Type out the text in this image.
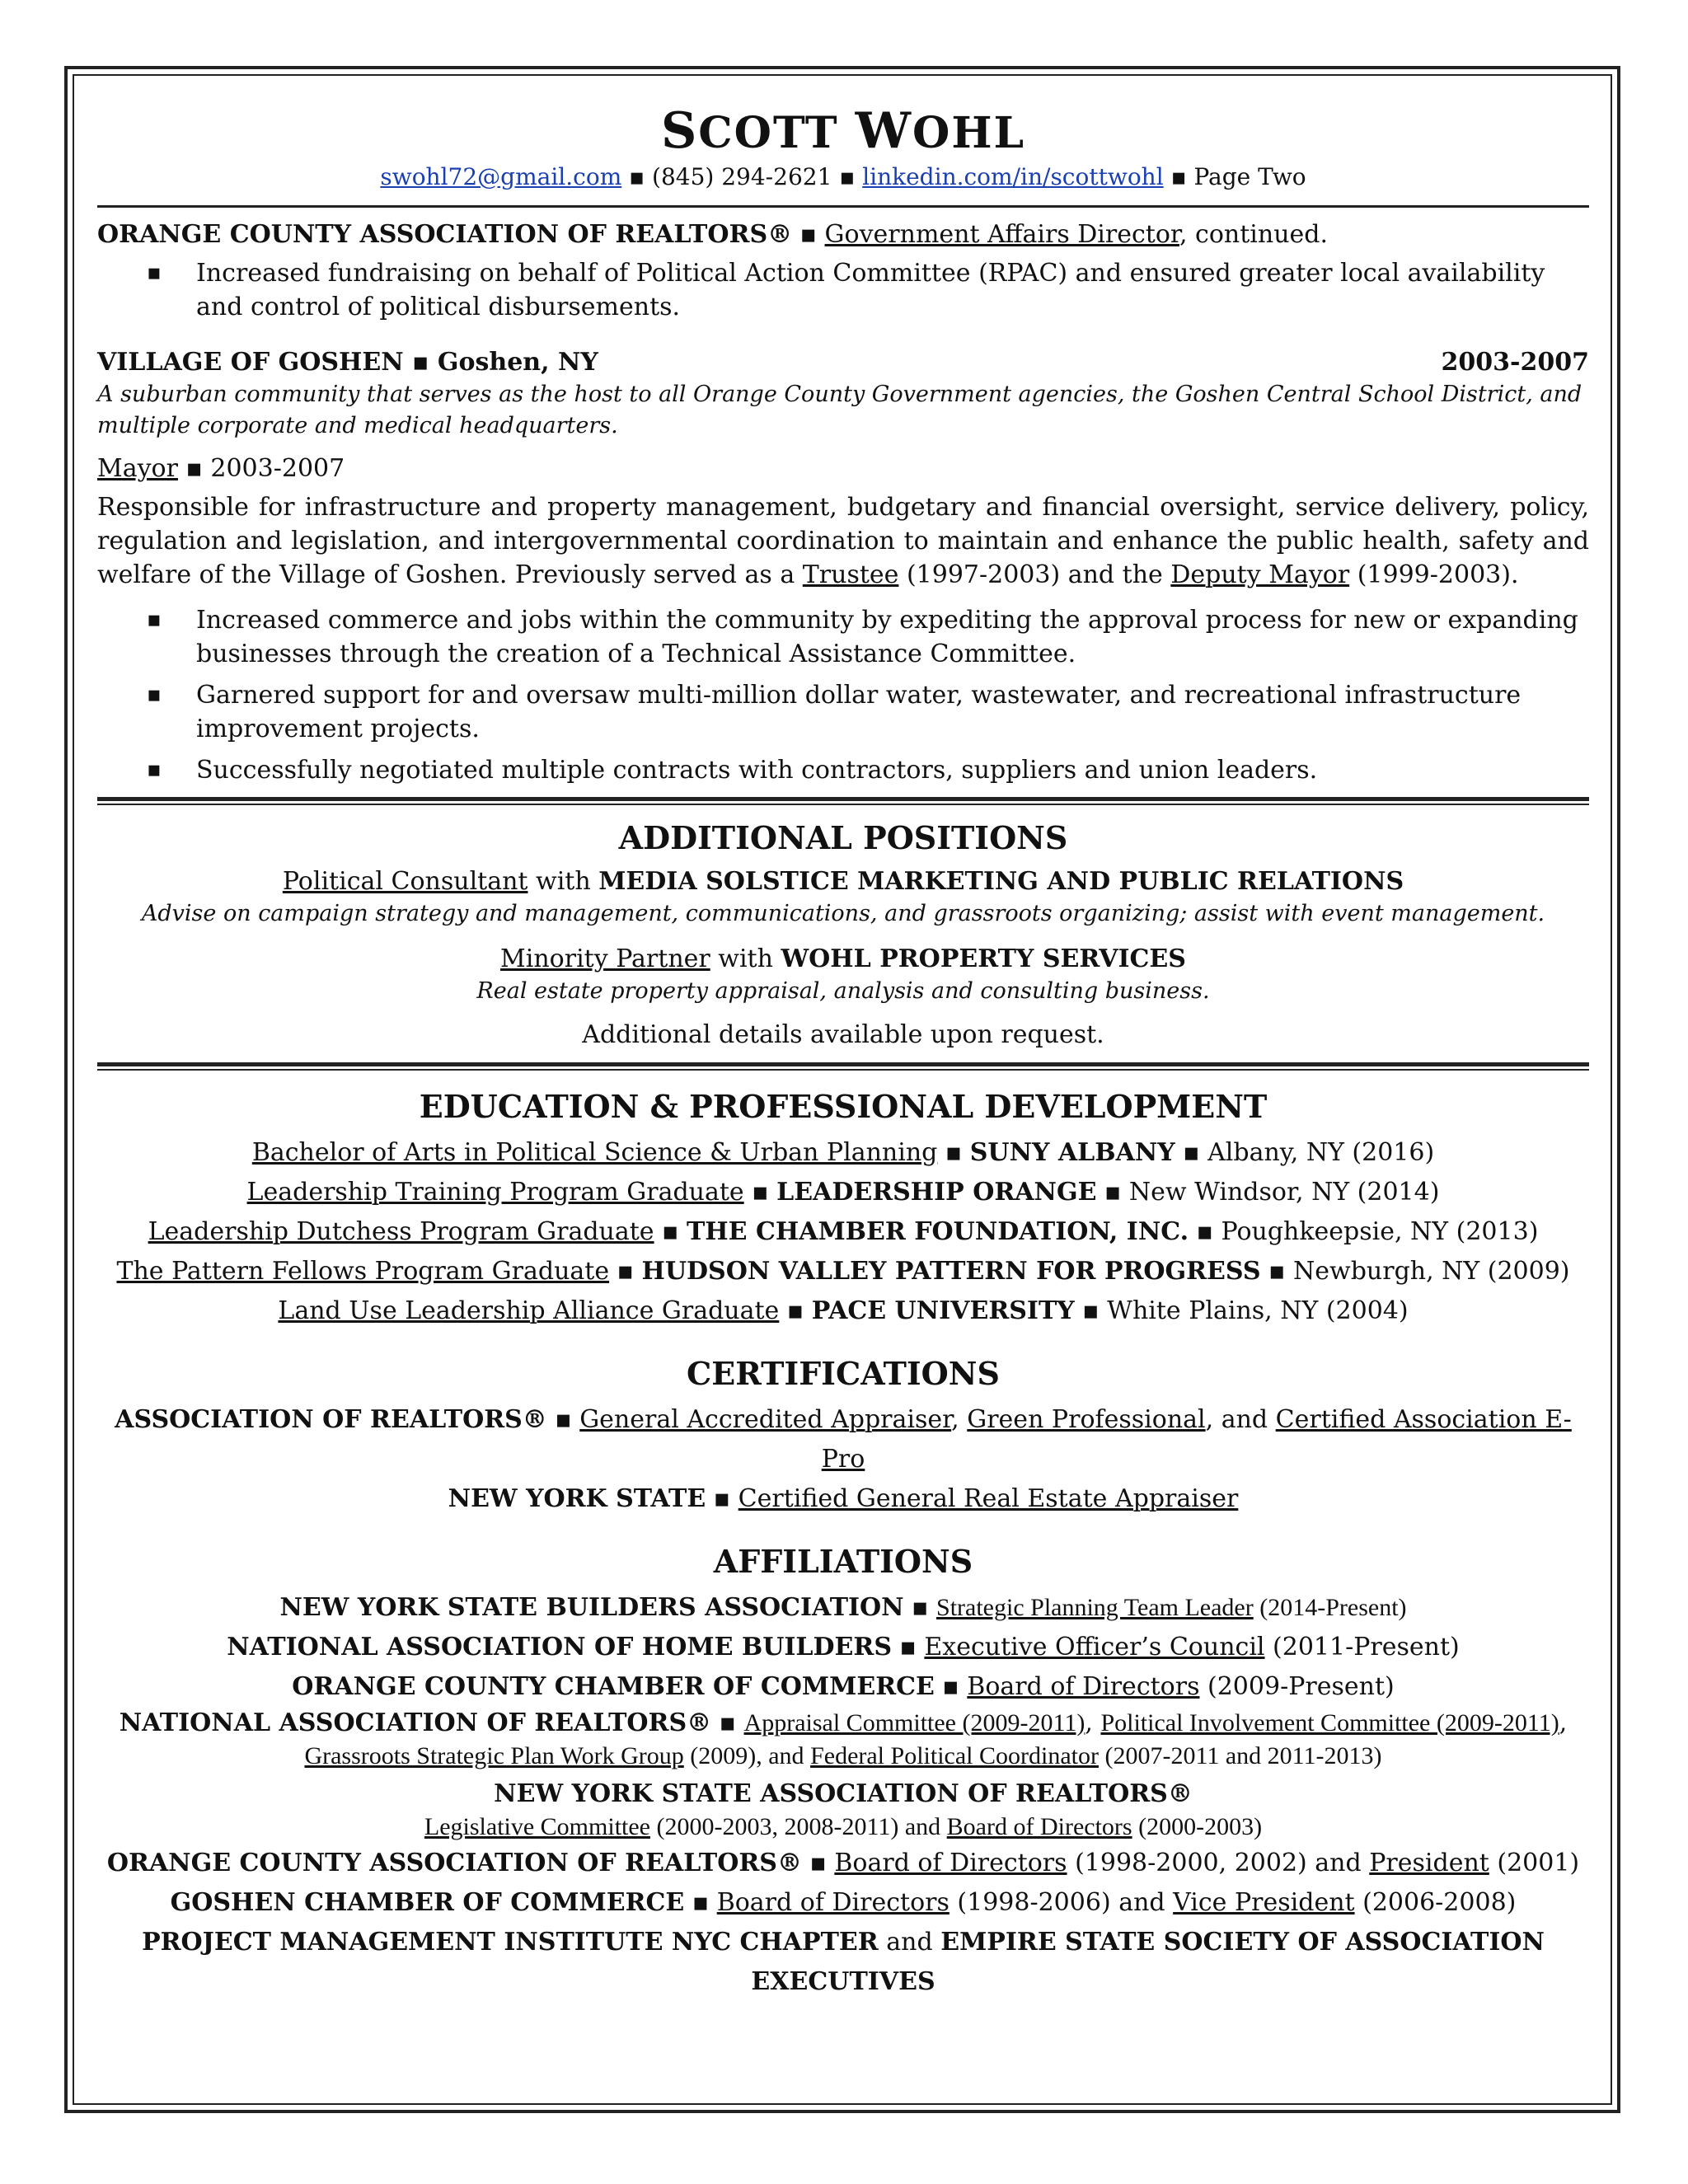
SCOTT WOHL
swohl72@gmail.com ▪ (845) 294-2621 ▪ linkedin.com/in/scottwohl ▪ Page Two

ORANGE COUNTY ASSOCIATION OF REALTORS® ▪ Government Affairs Director, continued.

▪ Increased fundraising on behalf of Political Action Committee (RPAC) and ensured greater local availability and control of political disbursements.
VILLAGE OF GOSHEN ▪ Goshen, NY	2003-2007

A suburban community that serves as the host to all Orange County Government agencies, the Goshen Central School District, and multiple corporate and medical headquarters.

Mayor ▪ 2003-2007

Responsible for infrastructure and property management, budgetary and financial oversight, service delivery, policy, regulation and legislation, and intergovernmental coordination to maintain and enhance the public health, safety and welfare of the Village of Goshen. Previously served as a Trustee (1997-2003) and the Deputy Mayor (1999-2003).

▪ Increased commerce and jobs within the community by expediting the approval process for new or expanding businesses through the creation of a Technical Assistance Committee.
▪ Garnered support for and oversaw multi-million dollar water, wastewater, and recreational infrastructure improvement projects.
▪ Successfully negotiated multiple contracts with contractors, suppliers and union leaders.
ADDITIONAL POSITIONS
Political Consultant with MEDIA SOLSTICE MARKETING AND PUBLIC RELATIONS
Advise on campaign strategy and management, communications, and grassroots organizing; assist with event management.
Minority Partner with WOHL PROPERTY SERVICES
Real estate property appraisal, analysis and consulting business.
Additional details available upon request.
EDUCATION & PROFESSIONAL DEVELOPMENT
Bachelor of Arts in Political Science & Urban Planning ▪ SUNY ALBANY ▪ Albany, NY (2016)
Leadership Training Program Graduate ▪ LEADERSHIP ORANGE ▪ New Windsor, NY (2014)
Leadership Dutchess Program Graduate ▪ THE CHAMBER FOUNDATION, INC. ▪ Poughkeepsie, NY (2013)
The Pattern Fellows Program Graduate ▪ HUDSON VALLEY PATTERN FOR PROGRESS ▪ Newburgh, NY (2009)
Land Use Leadership Alliance Graduate ▪ PACE UNIVERSITY ▪ White Plains, NY (2004)
CERTIFICATIONS
ASSOCIATION OF REALTORS® ▪ General Accredited Appraiser, Green Professional, and Certified Association E-Pro
NEW YORK STATE ▪ Certified General Real Estate Appraiser
AFFILIATIONS
NEW YORK STATE BUILDERS ASSOCIATION ▪ Strategic Planning Team Leader (2014-Present)
NATIONAL ASSOCIATION OF HOME BUILDERS ▪ Executive Officer’s Council (2011-Present)
ORANGE COUNTY CHAMBER OF COMMERCE ▪ Board of Directors (2009-Present)
NATIONAL ASSOCIATION OF REALTORS® ▪ Appraisal Committee (2009-2011), Political Involvement Committee (2009-2011), Grassroots Strategic Plan Work Group (2009), and Federal Political Coordinator (2007-2011 and 2011-2013)
NEW YORK STATE ASSOCIATION OF REALTORS®
Legislative Committee (2000-2003, 2008-2011) and Board of Directors (2000-2003)
ORANGE COUNTY ASSOCIATION OF REALTORS® ▪ Board of Directors (1998-2000, 2002) and President (2001)
GOSHEN CHAMBER OF COMMERCE ▪ Board of Directors (1998-2006) and Vice President (2006-2008)
PROJECT MANAGEMENT INSTITUTE NYC CHAPTER and EMPIRE STATE SOCIETY OF ASSOCIATION EXECUTIVES
